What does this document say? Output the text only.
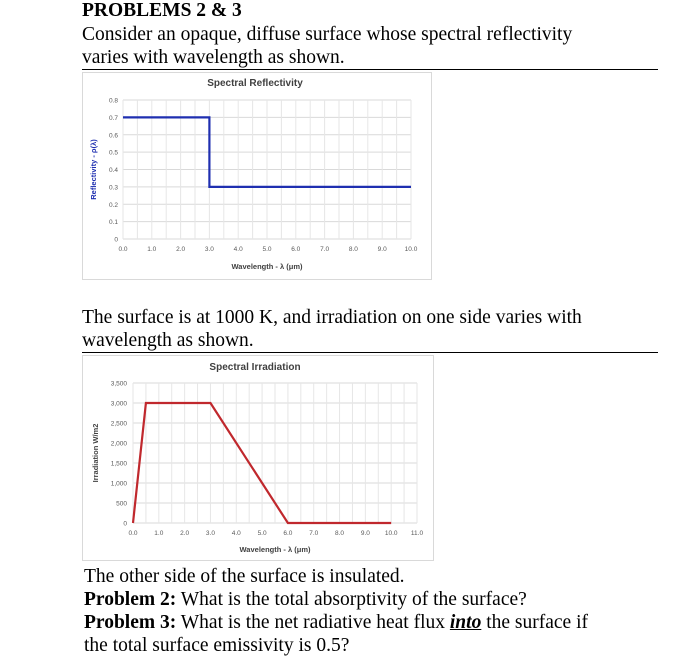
PROBLEMS 2 & 3
Consider an opaque, diffuse surface whose spectral reflectivity
varies with wavelength as shown.
Spectral Reflectivity
0
0.1
0.2
0.3
0.4
0.5
0.6
0.7
0.8
0.0	1.0	2.0	3.0	4.0	5.0	6.0	7.0	8.0	9.0	10.0
Wavelength - λ (μm)
Reflectivity - ρ(λ)
The surface is at 1000 K, and irradiation on one side varies with
wavelength as shown.
Spectral Irradiation
0
500
1,000
1,500
2,000
2,500
3,000
3,500
0.0	1.0	2.0	3.0	4.0	5.0	6.0	7.0	8.0	9.0 10.0 11.0
Wavelength - λ (μm)
Irradiation W/m2
The other side of the surface is insulated.
Problem 2: What is the total absorptivity of the surface?
Problem 3: What is the net radiative heat flux into the surface if
the total surface emissivity is 0.5?
